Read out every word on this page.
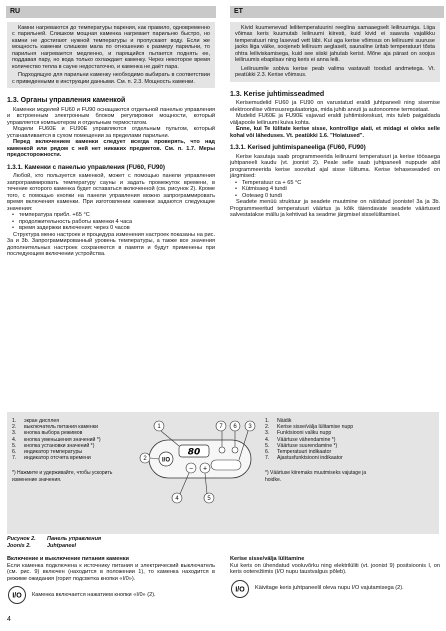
RU	ET

Камни нагреваются до температуры парения, как правило, одновременно с парильней. Слишком мощная каменка нагревает парильню быстро, но камни не достигают нужной температуры и пропускают воду. Если же мощность каменки слишком мала по отношению к размеру парильни, то парильня нагревается медленно, и парящийся пытается поднять ее, поддавая пару, но вода только охлаждает каменку. Через некоторое время количество тепла в сауне недостаточно, и каменка не даёт пара.

Подходящую для парильни каменку необходимо выбирать в соответствии с приведенными в инструкции данными. См. п. 2.3. Мощность каменки.

1.3. Органы управления каменкой

Каменки моделей FU60 и FU90 оснащаются отдельной панелью управления и встроенным электронным блоком регулировки мощности, который управляется компьютером и отдельным термостатом.

Модели FU60E и FU90E управляются отдельным пультом, который устанавливается в сухом помещении за пределами парильни.

Перед включением каменки следует всегда проверять, что над каменкой или рядом с ней нет никаких предметов. См. п. 1.7. Меры предосторожности.

1.3.1. Каменки с панелью управления (FU60, FU90)

Любой, кто пользуется каменкой, может с помощью панели управления запрограммировать температуру сауны и задать промежуток времени, в течение которого каменка будет оставаться включенной (см. рисунок 2). Кроме того, с помощью кнопки на панели управления можно запрограммировать время включения каменки. При изготовлении каменки задаются следующие значения:

• температура прибл. +65 °C
• продолжительность работы каменки 4 часа
• время задержки включения: через 0 часов

Структура меню настроек и процедура изменения настроек показаны на рис. 3a и 3b. Запрограммированный уровень температуры, а также все значения дополнительных настроек сохраняются в памяти и будут применены при последующем включении устройства.

Kivid kuumenevad leilitemperatuurini reeglina samaaegselt leiliruumiga. Liiga võimas keris kuumutab leiliruumi kiiresti, kuid kivid ei saavuta vajalikku temperatuuri ning lasevad vett läbi. Kui aga kerise võimsus on leiliruumi suuruse jaoks liiga väike, soojeneb leiliruum aeglaselt, saunaline üritab temperatuuri tõsta ohtra leiliviskamisega, kuid see siiski jahutab kerist. Mõne aja pärast on soojus leiliruumis ebapiisav ning keris ei anna leili.

Leiliruumile sobiva kerise peab valima vastavalt toodud andmetega. Vt. peatükki 2.3. Kerise võimsus.

1.3. Kerise juhtimisseadmed

Kerisemudelid FU60 ja FU90 on varustatud eraldi juhtpaneeli ning sisemise elektroonilise võimsusregulaatoriga, mida juhib arvuti ja autonoomne termostaat.

Mudelid FU60E ja FU90E vajavad eraldi juhtimiskeskust, mis tuleb paigaldada väljapoole leiliruumi kuiva kohta.

Enne, kui Te lülitate kerise sisse, kontrollige alati, et midagi ei oleks selle kohal või läheduses. Vt. peatükki 1.6. "Hoiatused".

1.3.1. Kerised juhtimispaneeliga (FU60, FU90)

Kerise kasutaja saab programmeerida leiliruumi temperatuuri ja kerise töösaega juhtpaneeli kaudu (vt. joonist 2). Peale selle saab juhtpaneeli nuppude abil programmeerida kerise soovitud ajal sisse lülituma. Kerise tehaseseaded on järgmised:

• Temperatuur ca + 65 °C
• Kütmisaeg 4 tundi
• Ooteaeg 0 tundi

Seadete menüü struktuur ja seadete muutmine on näidatud joonistel 3a ja 3b. Programmeeritud temperatuuri väärtus ja kõik täiendavate seadete väärtused salvestatakse mällu ja kehtivad ka seadme järgmisel sisselülitamisel.

1.	экран дисплея
2.	выключатель питания каменки
3.	кнопка выбора режимов
4.	кнопка уменьшения значений *)
5.	кнопка установки значений *)
6.	индикатор температуры
7.	индикатор отсчета времени
*) Нажмите и удерживайте, чтобы ускорить изменение значения.
80
I/O
− +
1
2
3
4	5
6
7
1.	Näidik
2.	Kerise sisse/välja lülitamise nupp
3.	Funktsiooni valiku nupp
4.	Väärtuse vähendamine *)
5.	Väärtuse suurendamine *)
6.	Temperatuuri indikaator
7.	Ajastusfunktsiooni indikaator
*) Väärtuse kiiremaks muutmiseks vajutage ja hoidke.
Рисунок 2. Панель управления
Joonis 2.	Juhtpaneel
Включение и выключение питания каменки

Если каменка подключена к источнику питания и электрический выключатель (см. рис. 9) включен (находится в положении 1), то каменка находится в режиме ожидания (горит подсветка кнопки «I/0»).

I/O Каменка включается нажатием кнопки «I/0» (2).
Kerise sisse/välja lülitamine

Kui keris on ühendatud vooluvõrku ning elektrilüliti (vt. joonist 9) positsioonis I, on keris ooterežiimis (I/O nupu taustvalgus põleb).

I/O Käivitage keris juhtpaneelil oleva nupu I/O vajutamisega (2).
4
